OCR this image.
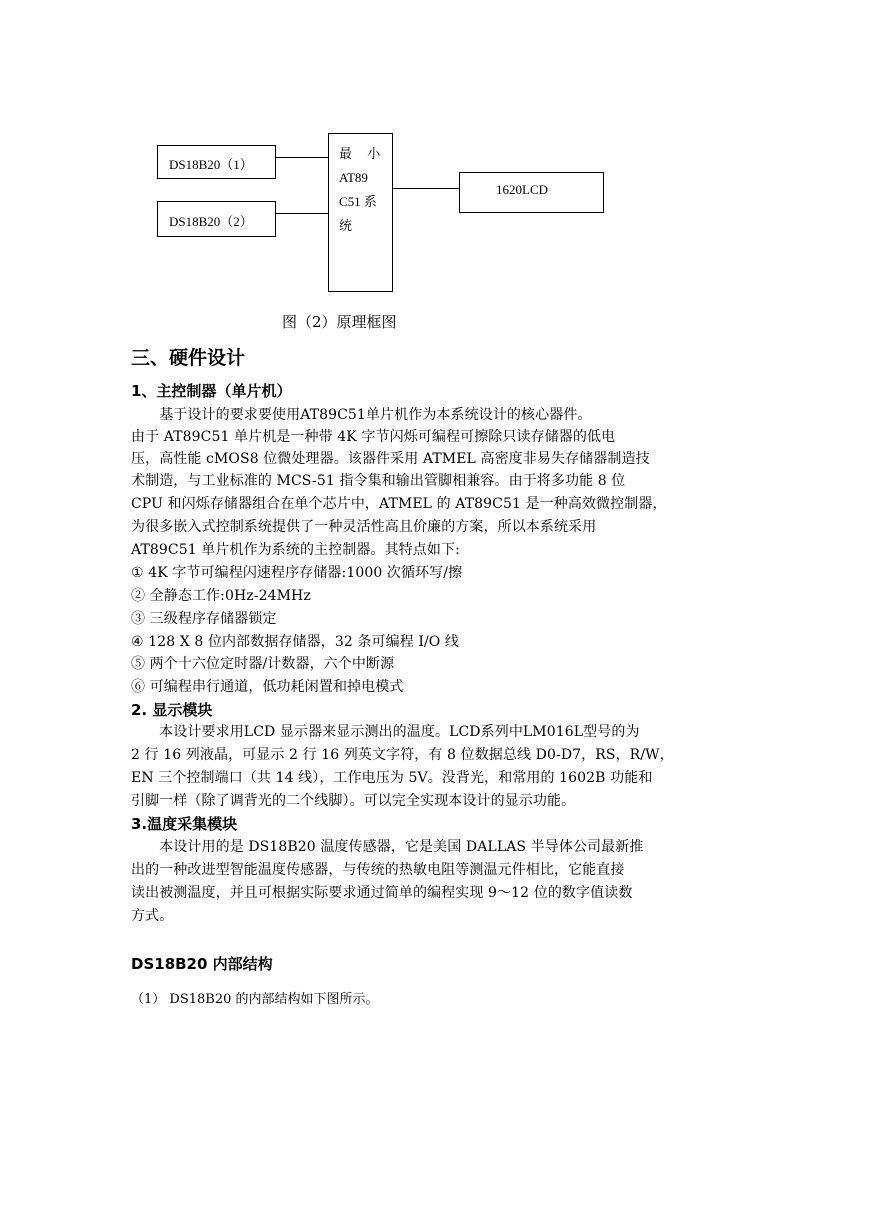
DS18B20（1）
DS18B20（2）
最 小
AT89
C51 系
统
1620LCD
图（2）原理框图
三、硬件设计
1、主控制器（单片机）
　　基于设计的要求要使用AT89C51单片机作为本系统设计的核心器件。
由于 AT89C51 单片机是一种带 4K 字节闪烁可编程可擦除只读存储器的低电
压，高性能 cMOS8 位微处理器。该器件采用 ATMEL 高密度非易失存储器制造技
术制造，与工业标准的 MCS-51 指令集和输出管脚相兼容。由于将多功能 8 位
CPU 和闪烁存储器组合在单个芯片中，ATMEL 的 AT89C51 是一种高效微控制器，
为很多嵌入式控制系统提供了一种灵活性高且价廉的方案，所以本系统采用
AT89C51 单片机作为系统的主控制器。其特点如下:
① 4K 字节可编程闪速程序存储器:1000 次循环写/擦
② 全静态工作:0Hz-24MHz
③ 三级程序存储器锁定
④ 128 X 8 位内部数据存储器，32 条可编程 I/O 线
⑤ 两个十六位定时器/计数器，六个中断源
⑥ 可编程串行通道，低功耗闲置和掉电模式
2. 显示模块
　　本设计要求用LCD 显示器来显示测出的温度。LCD系列中LM016L型号的为
2 行 16 列液晶，可显示 2 行 16 列英文字符，有 8 位数据总线 D0-D7，RS，R/W，
EN 三个控制端口（共 14 线），工作电压为 5V。没背光，和常用的 1602B 功能和
引脚一样（除了调背光的二个线脚）。可以完全实现本设计的显示功能。
3.温度采集模块
　　本设计用的是 DS18B20 温度传感器，它是美国 DALLAS 半导体公司最新推
出的一种改进型智能温度传感器，与传统的热敏电阻等测温元件相比，它能直接
读出被测温度，并且可根据实际要求通过简单的编程实现 9～12 位的数字值读数
方式。
DS18B20 内部结构
（1） DS18B20 的内部结构如下图所示。
